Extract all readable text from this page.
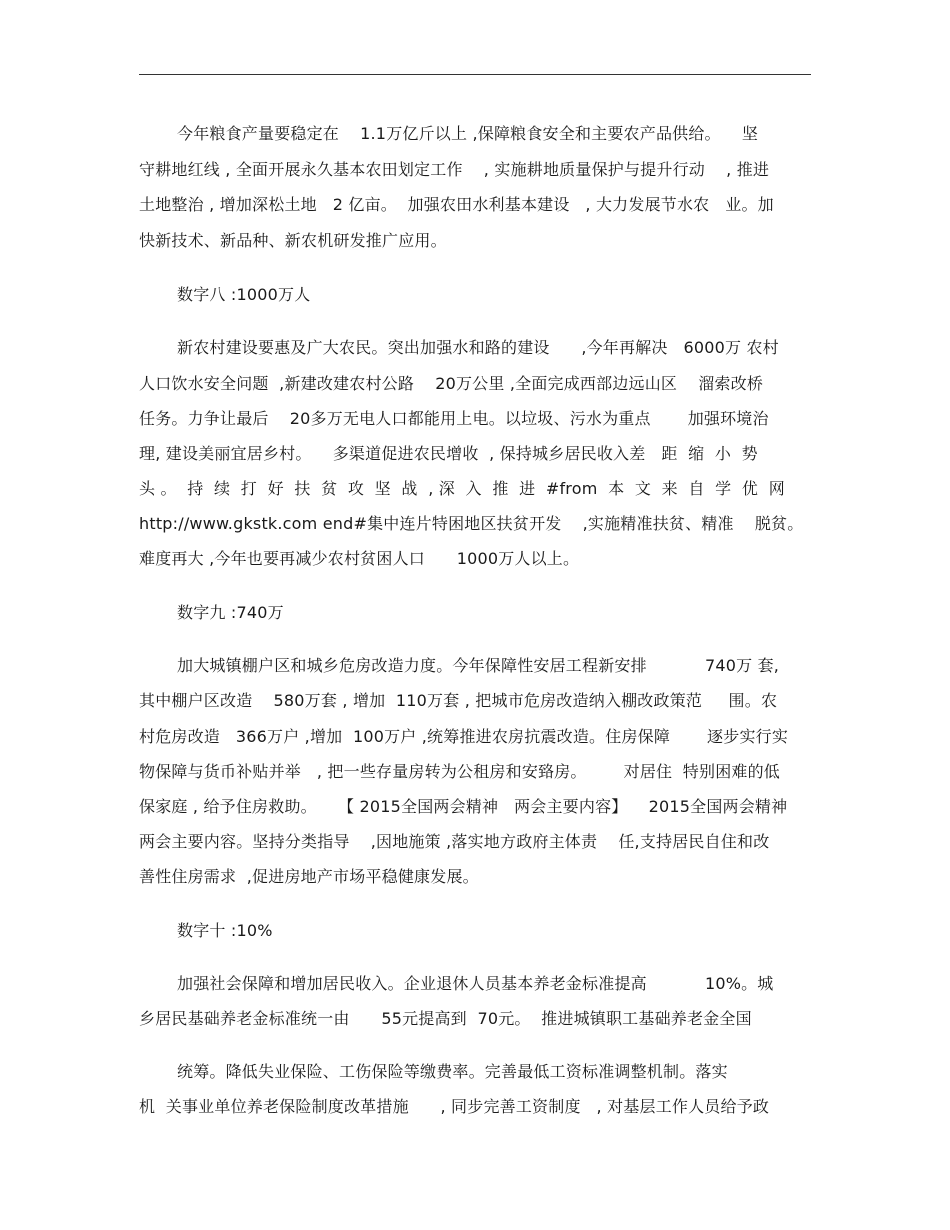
今年粮食产量要稳定在    1.1万亿斤以上 ,保障粮食安全和主要农产品供给。    坚
守耕地红线 , 全面开展永久基本农田划定工作    , 实施耕地质量保护与提升行动    , 推进
土地整治 , 增加深松土地   2 亿亩。  加强农田水利基本建设   , 大力发展节水农   业。加
快新技术、新品种、新农机研发推广应用。
数字八 :1000万人
新农村建设要惠及广大农民。突出加强水和路的建设      ,今年再解决   6000万 农村
人口饮水安全问题  ,新建改建农村公路    20万公里 ,全面完成西部边远山区    溜索改桥
任务。力争让最后    20多万无电人口都能用上电。以垃圾、污水为重点       加强环境治
理, 建设美丽宜居乡村。    多渠道促进农民增收  , 保持城乡居民收入差   距  缩  小  势
头 。  持  续  打  好  扶  贫  攻  坚  战  , 深  入  推  进  #from  本  文  来  自  学  优  网
http://www.gkstk.com end#集中连片特困地区扶贫开发    ,实施精准扶贫、精准    脱贫。
难度再大 ,今年也要再减少农村贫困人口      1000万人以上。
数字九 :740万
加大城镇棚户区和城乡危房改造力度。今年保障性安居工程新安排           740万 套,
其中棚户区改造    580万套 , 增加  110万套 , 把城市危房改造纳入棚改政策范     围。农
村危房改造   366万户 ,增加  100万户 ,统筹推进农房抗震改造。住房保障       逐步实行实
物保障与货币补贴并举   , 把一些存量房转为公租房和安臵房。       对居住  特别困难的低
保家庭 , 给予住房救助。    【 2015全国两会精神   两会主要内容】    2015全国两会精神
两会主要内容。坚持分类指导    ,因地施策 ,落实地方政府主体责    任,支持居民自住和改
善性住房需求  ,促进房地产市场平稳健康发展。
数字十 :10%
加强社会保障和增加居民收入。企业退休人员基本养老金标准提高           10%。城
乡居民基础养老金标准统一由      55元提高到  70元。  推进城镇职工基础养老金全国
统筹。降低失业保险、工伤保险等缴费率。完善最低工资标准调整机制。落实
机  关事业单位养老保险制度改革措施      , 同步完善工资制度   , 对基层工作人员给予政
